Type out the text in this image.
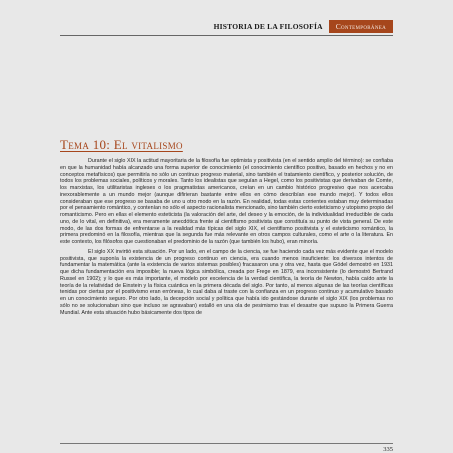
HISTORIA DE LA FILOSOFÍA	Contemporánea
Tema 10: El vitalismo

Durante el siglo XIX la actitud mayoritaria de la filosofía fue optimista y positivista (en el sentido amplio del término): se confiaba en que la humanidad había alcanzado una forma superior de conocimiento (el conocimiento científico positivo, basado en hechos y no en conceptos metafísicos) que permitiría no sólo un continuo progreso material, sino también el tratamiento científico, y posterior solución, de todos los problemas sociales, políticos y morales. Tanto los idealistas que seguían a Hegel, como los positivistas que derivaban de Comte, los marxistas, los utilitaristas ingleses o los pragmatistas americanos, creían en un cambio histórico progresivo que nos acercaba inexorablemente a un mundo mejor (aunque difirieran bastante entre ellos en cómo describían ese mundo mejor). Y todos ellos consideraban que ese progreso se basaba de uno u otro modo en la razón. En realidad, todas estas corrientes estaban muy determinadas por el pensamiento romántico, y contenían no sólo el aspecto racionalista mencionado, sino también cierto esteticismo y utopismo propio del romanticismo. Pero en ellas el elemento esteticista (la valoración del arte, del deseo y la emoción, de la individualidad irreductible de cada uno, de lo vital, en definitiva), era meramente anecdótica frente al cientifismo positivista que constituía su punto de vista general. De este modo, de las dos formas de enfrentarse a la realidad más típicas del siglo XIX, el cientifismo positivista y el esteticismo romántico, la primera predominó en la filosofía, mientras que la segunda fue más relevante en otros campos culturales, como el arte o la literatura. En este contexto, los filósofos que cuestionaban el predominio de la razón (que también los hubo), eran minoría.

El siglo XX invirtió esta situación. Por un lado, en el campo de la ciencia, se fue haciendo cada vez más evidente que el modelo positivista, que suponía la existencia de un progreso continuo en ciencia, era cuando menos insuficiente: los diversos intentos de fundamentar la matemática (ante la existencia de varios sistemas posibles) fracasaron una y otra vez, hasta que Gödel demostró en 1931 que dicha fundamentación era imposible; la nueva lógica simbólica, creada por Frege en 1879, era inconsistente (lo demostró Bertrand Russel en 1902); y lo que es más importante, el modelo por excelencia de la verdad científica, la teoría de Newton, había caído ante la teoría de la relatividad de Einstein y la física cuántica en la primera década del siglo. Por tanto, al menos algunas de las teorías científicas tenidas por ciertas por el positivismo eran erróneas, lo cual daba al traste con la confianza en un progreso continuo y acumulativo basado en un conocimiento seguro. Por otro lado, la decepción social y política que había ido gestándose durante el siglo XIX (los problemas no sólo no se solucionaban sino que incluso se agravaban) estalló en una ola de pesimismo tras el desastre que supuso la Primera Guerra Mundial. Ante esta situación hubo básicamente dos tipos de

335
